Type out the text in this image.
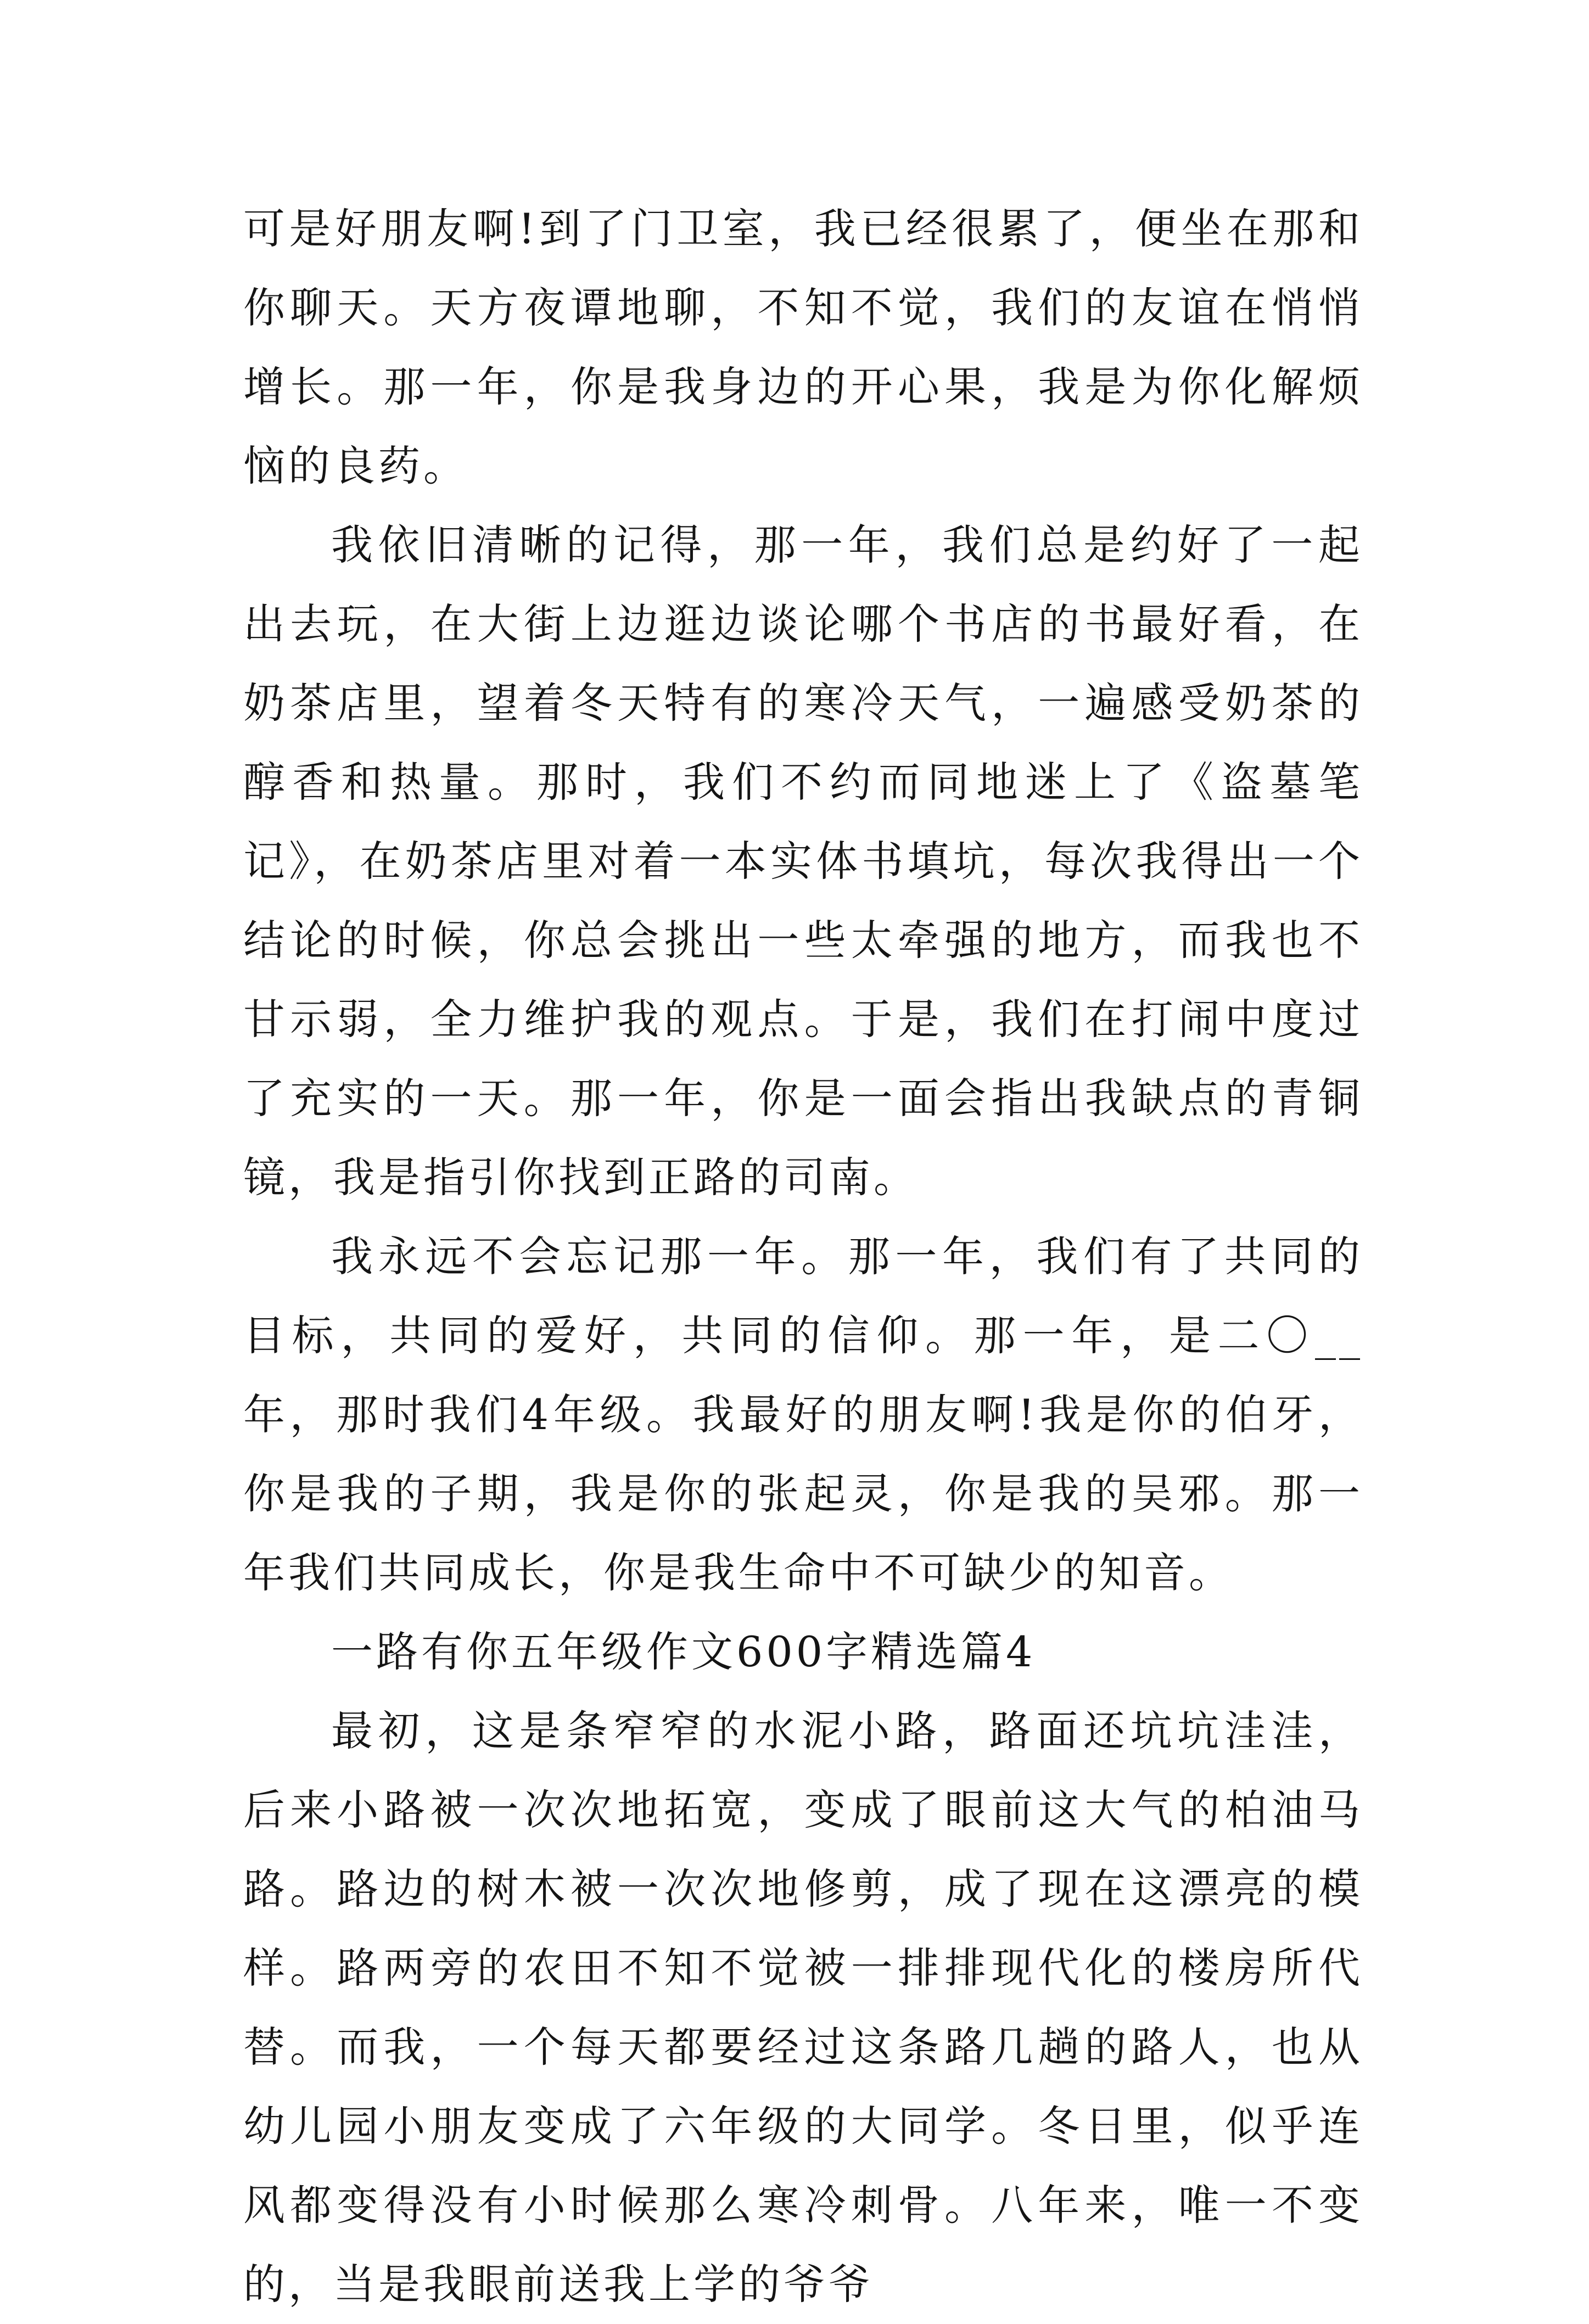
可是好朋友啊!到了门卫室，我已经很累了，便坐在那和你聊天。天方夜谭地聊，不知不觉，我们的友谊在悄悄增长。那一年，你是我身边的开心果，我是为你化解烦恼的良药。

我依旧清晰的记得，那一年，我们总是约好了一起出去玩，在大街上边逛边谈论哪个书店的书最好看，在奶茶店里，望着冬天特有的寒冷天气，一遍感受奶茶的醇香和热量。那时，我们不约而同地迷上了《盗墓笔记》，在奶茶店里对着一本实体书填坑，每次我得出一个结论的时候，你总会挑出一些太牵强的地方，而我也不甘示弱，全力维护我的观点。于是，我们在打闹中度过了充实的一天。那一年，你是一面会指出我缺点的青铜镜，我是指引你找到正路的司南。

我永远不会忘记那一年。那一年，我们有了共同的目标，共同的爱好，共同的信仰。那一年，是二〇__年，那时我们4年级。我最好的朋友啊!我是你的伯牙，你是我的子期，我是你的张起灵，你是我的吴邪。那一年我们共同成长，你是我生命中不可缺少的知音。

一路有你五年级作文600字精选篇4

最初，这是条窄窄的水泥小路，路面还坑坑洼洼，后来小路被一次次地拓宽，变成了眼前这大气的柏油马路。路边的树木被一次次地修剪，成了现在这漂亮的模样。路两旁的农田不知不觉被一排排现代化的楼房所代替。而我，一个每天都要经过这条路几趟的路人，也从幼儿园小朋友变成了六年级的大同学。冬日里，似乎连风都变得没有小时候那么寒冷刺骨。八年来，唯一不变的，当是我眼前送我上学的爷爷
